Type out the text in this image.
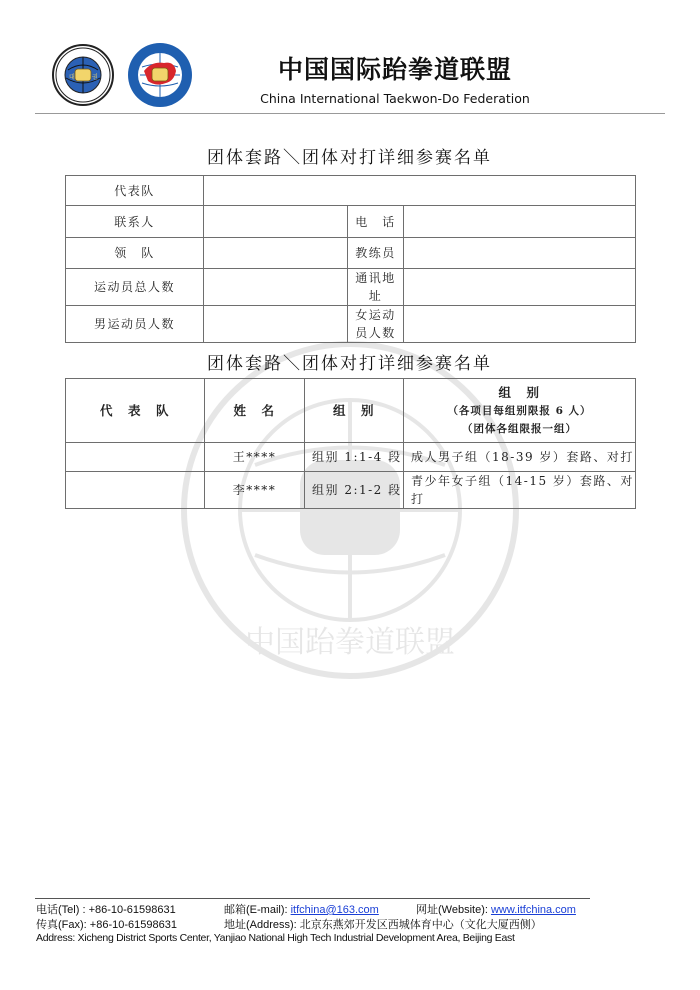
대	권	中国国际跆拳道联盟
China International Taekwon-Do Federation
中国跆拳道联盟
团体套路＼团体对打详细参赛名单
代表队			
联系人		电　话	
领　队		教练员	
运动员总人数		通讯地址	
男运动员人数		女运动员人数	
团体套路＼团体对打详细参赛名单
代　表　队	姓　名	组　别	组　别
（各项目每组别限报 6 人）
（团体各组限报一组）

	王****	组别 1:1-4 段	成人男子组（18-39 岁）套路、对打
	李****	组别 2:1-2 段	青少年女子组（14-15 岁）套路、对打
电话(Tel) : +86-10-61598631	邮箱(E-mail): itfchina@163.com	网址(Website): www.itfchina.com
传真(Fax): +86-10-61598631	地址(Address): 北京东燕郊开发区西城体育中心（文化大厦西侧）
Address: Xicheng District Sports Center, Yanjiao National High Tech Industrial Development Area, Beijing East
